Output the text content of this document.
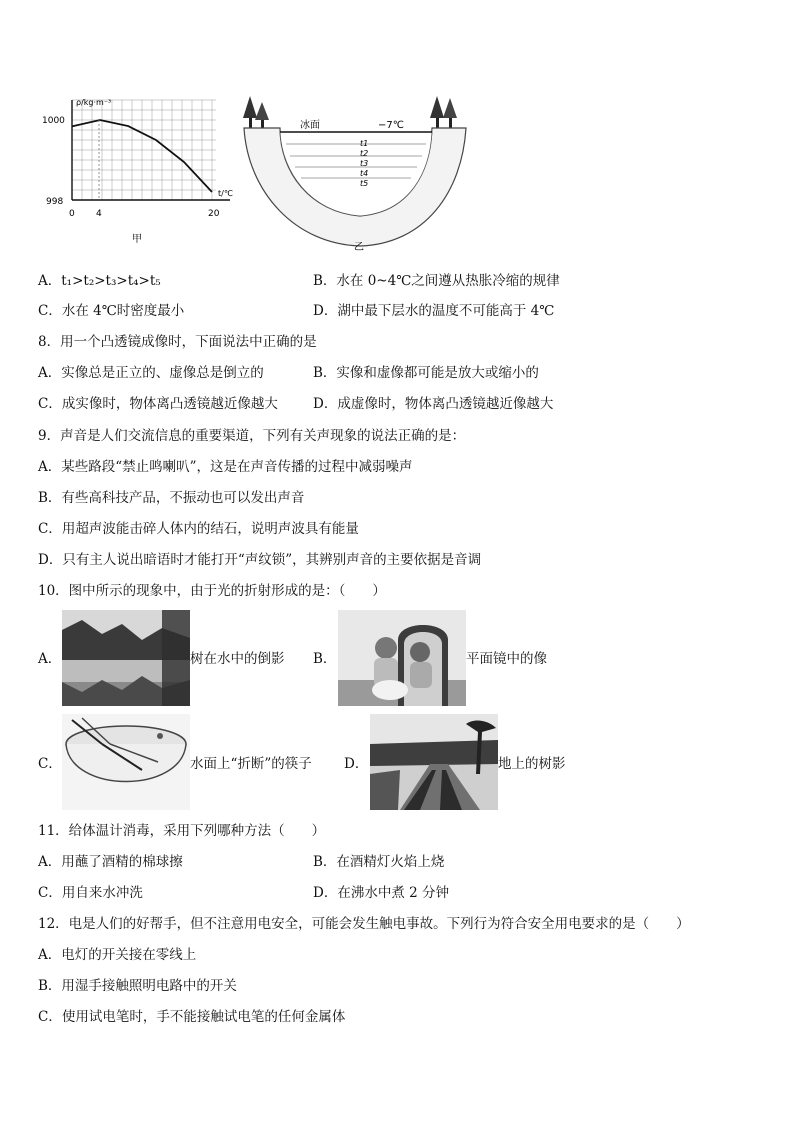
ρ/kg·m⁻³
1000
998
0 4	20
t/℃
甲
冰面	−7℃
t1
t2
t3
t4
t5
乙
A．t₁>t₂>t₃>t₄>t₅	B．水在 0~4℃之间遵从热胀冷缩的规律
C．水在 4℃时密度最小	D．湖中最下层水的温度不可能高于 4℃
8．用一个凸透镜成像时，下面说法中正确的是
A．实像总是正立的、虚像总是倒立的	B．实像和虚像都可能是放大或缩小的
C．成实像时，物体离凸透镜越近像越大	D．成虚像时，物体离凸透镜越近像越大
9．声音是人们交流信息的重要渠道，下列有关声现象的说法正确的是：
A．某些路段“禁止鸣喇叭”，这是在声音传播的过程中减弱噪声
B．有些高科技产品，不振动也可以发出声音
C．用超声波能击碎人体内的结石，说明声波具有能量
D．只有主人说出暗语时才能打开“声纹锁”，其辨别声音的主要依据是音调
10．图中所示的现象中，由于光的折射形成的是：（　　）
A．	树在水中的倒影 B．	平面镜中的像
C．	水面上“折断”的筷子 D．	地上的树影
11．给体温计消毒，采用下列哪种方法（　　）
A．用蘸了酒精的棉球擦	B．在酒精灯火焰上烧
C．用自来水冲洗	D．在沸水中煮 2 分钟
12．电是人们的好帮手，但不注意用电安全，可能会发生触电事故。下列行为符合安全用电要求的是（　　）
A．电灯的开关接在零线上
B．用湿手接触照明电路中的开关
C．使用试电笔时，手不能接触试电笔的任何金属体
